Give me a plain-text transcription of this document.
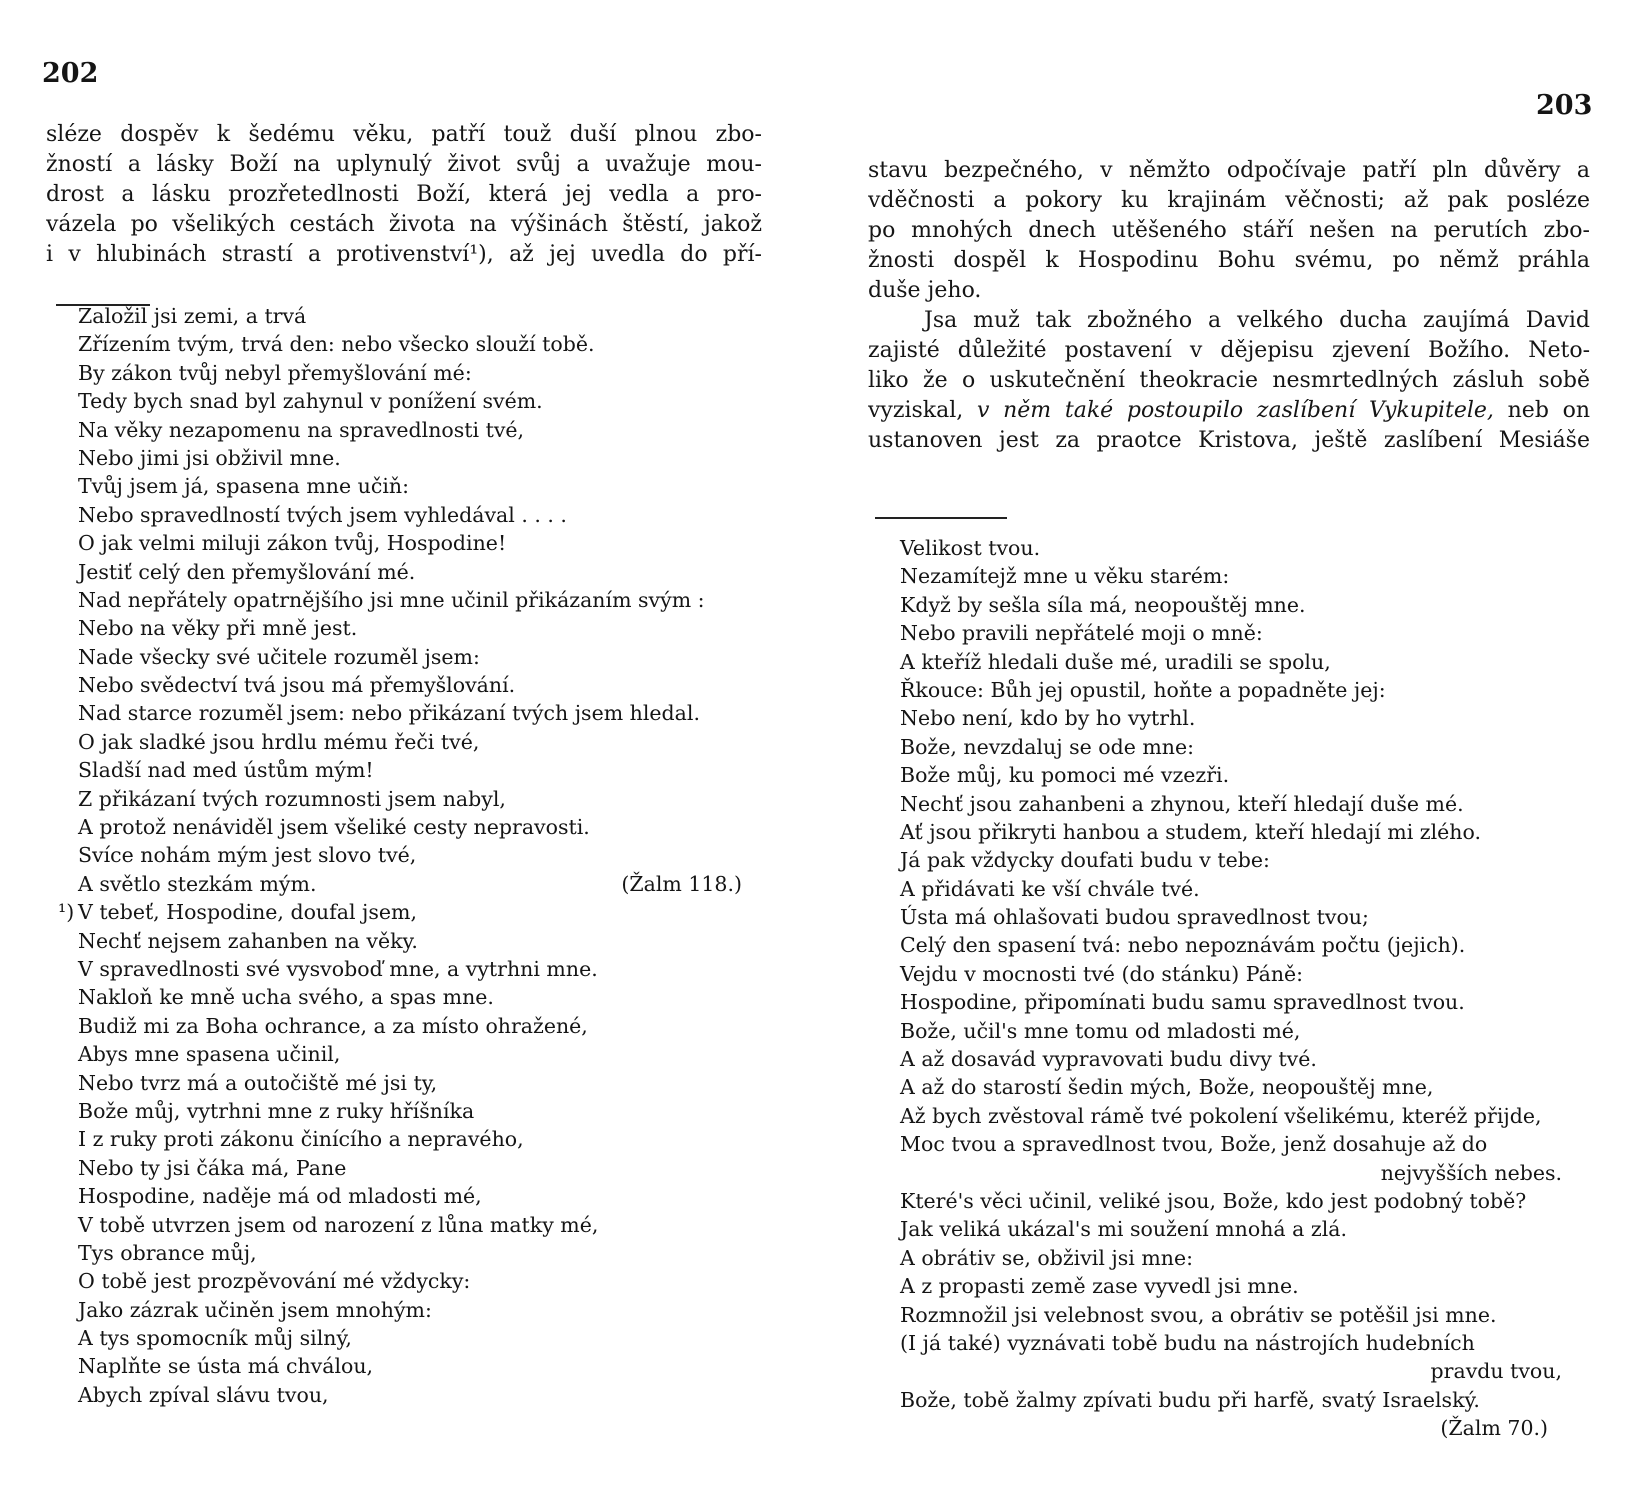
202
sléze dospěv k šedému věku, patří touž duší plnou zbo-
žností a lásky Boží na uplynulý život svůj a uvažuje mou-
drost a lásku prozřetedlnosti Boží, která jej vedla a pro-
vázela po všelikých cestách života na výšinách štěstí, jakož
i v hlubinách strastí a protivenství¹), až jej uvedla do pří-
Založil jsi zemi, a trvá
Zřízením tvým, trvá den: nebo všecko slouží tobě.
By zákon tvůj nebyl přemyšlování mé:
Tedy bych snad byl zahynul v ponížení svém.
Na věky nezapomenu na spravedlnosti tvé,
Nebo jimi jsi obživil mne.
Tvůj jsem já, spasena mne učiň:
Nebo spravedlností tvých jsem vyhledával . . . .
O jak velmi miluji zákon tvůj, Hospodine!
Jestiť celý den přemyšlování mé.
Nad nepřátely opatrnějšího jsi mne učinil přikázaním svým :
Nebo na věky při mně jest.
Nade všecky své učitele rozuměl jsem:
Nebo svědectví tvá jsou má přemyšlování.
Nad starce rozuměl jsem: nebo přikázaní tvých jsem hledal.
O jak sladké jsou hrdlu mému řeči tvé,
Sladší nad med ústům mým!
Z přikázaní tvých rozumnosti jsem nabyl,
A protož nenáviděl jsem všeliké cesty nepravosti.
Svíce nohám mým jest slovo tvé,
A světlo stezkám mým.	(Žalm 118.)
¹) V tebeť, Hospodine, doufal jsem,
Nechť nejsem zahanben na věky.
V spravedlnosti své vysvoboď mne, a vytrhni mne.
Nakloň ke mně ucha svého, a spas mne.
Budiž mi za Boha ochrance, a za místo ohražené,
Abys mne spasena učinil,
Nebo tvrz má a outočiště mé jsi ty,
Bože můj, vytrhni mne z ruky hříšníka
I z ruky proti zákonu činícího a nepravého,
Nebo ty jsi čáka má, Pane
Hospodine, naděje má od mladosti mé,
V tobě utvrzen jsem od narození z lůna matky mé,
Tys obrance můj,
O tobě jest prozpěvování mé vždycky:
Jako zázrak učiněn jsem mnohým:
A tys spomocník můj silný,
Naplňte se ústa má chválou,
Abych zpíval slávu tvou,
203
stavu bezpečného, v němžto odpočívaje patří pln důvěry a
vděčnosti a pokory ku krajinám věčnosti; až pak posléze
po mnohých dnech utěšeného stáří nešen na perutích zbo-
žnosti dospěl k Hospodinu Bohu svému, po němž práhla
duše jeho.
Jsa muž tak zbožného a velkého ducha zaujímá David
zajisté důležité postavení v dějepisu zjevení Božího. Neto-
liko že o uskutečnění theokracie nesmrtedlných zásluh sobě
vyziskal, v něm také postoupilo zaslíbení Vykupitele, neb on
ustanoven jest za praotce Kristova, ještě zaslíbení Mesiáše
Velikost tvou.
Nezamítejž mne u věku starém:
Když by sešla síla má, neopouštěj mne.
Nebo pravili nepřátelé moji o mně:
A kteříž hledali duše mé, uradili se spolu,
Řkouce: Bůh jej opustil, hoňte a popadněte jej:
Nebo není, kdo by ho vytrhl.
Bože, nevzdaluj se ode mne:
Bože můj, ku pomoci mé vzezři.
Nechť jsou zahanbeni a zhynou, kteří hledají duše mé.
Ať jsou přikryti hanbou a studem, kteří hledají mi zlého.
Já pak vždycky doufati budu v tebe:
A přidávati ke vší chvále tvé.
Ústa má ohlašovati budou spravedlnost tvou;
Celý den spasení tvá: nebo nepoznávám počtu (jejich).
Vejdu v mocnosti tvé (do stánku) Páně:
Hospodine, připomínati budu samu spravedlnost tvou.
Bože, učil's mne tomu od mladosti mé,
A až dosavád vypravovati budu divy tvé.
A až do starostí šedin mých, Bože, neopouštěj mne,
Až bych zvěstoval rámě tvé pokolení všelikému, kteréž přijde,
Moc tvou a spravedlnost tvou, Bože, jenž dosahuje až do
nejvyšších nebes.
Které's věci učinil, veliké jsou, Bože, kdo jest podobný tobě?
Jak veliká ukázal's mi soužení mnohá a zlá.
A obrátiv se, obživil jsi mne:
A z propasti země zase vyvedl jsi mne.
Rozmnožil jsi velebnost svou, a obrátiv se potěšil jsi mne.
(I já také) vyznávati tobě budu na nástrojích hudebních
pravdu tvou,
Bože, tobě žalmy zpívati budu při harfě, svatý Israelský.
(Žalm 70.)
